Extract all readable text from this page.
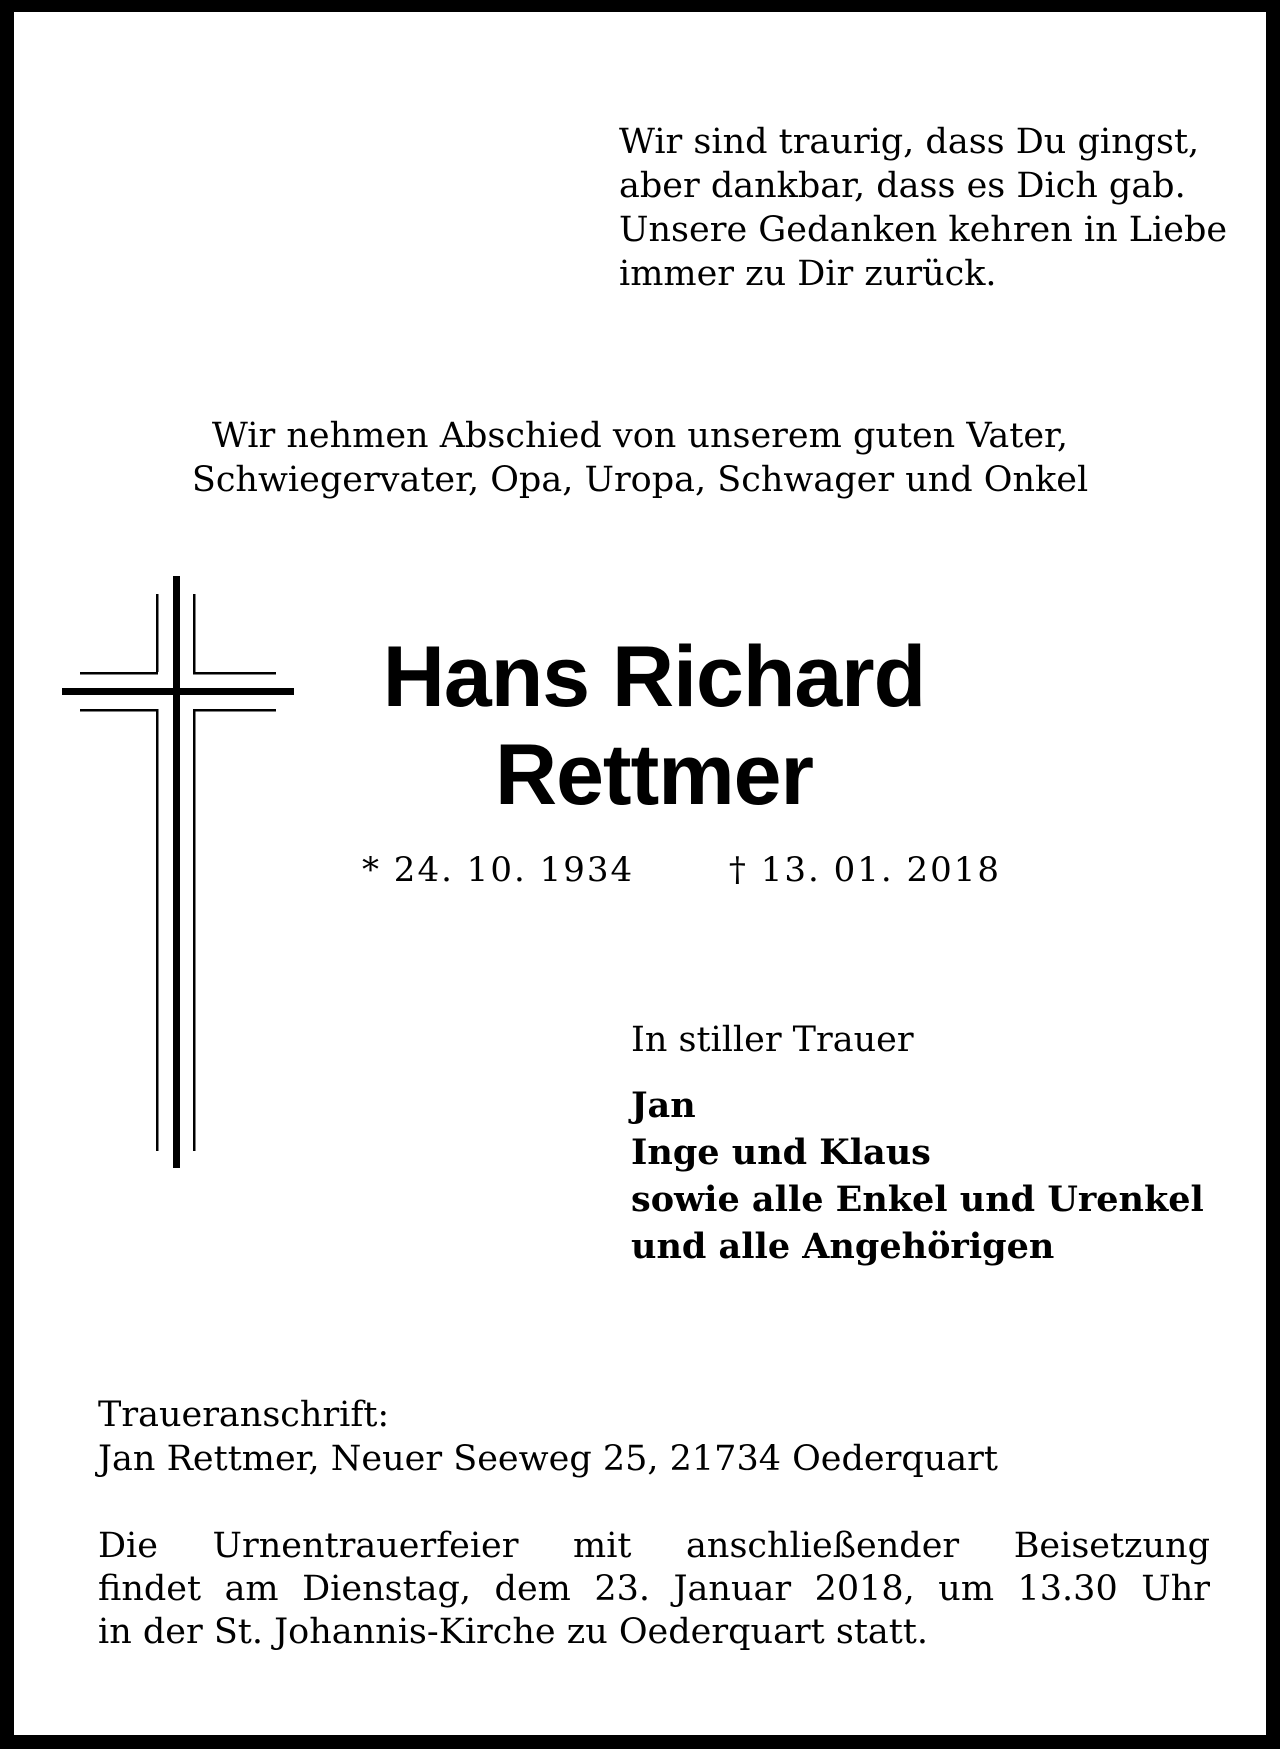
Wir sind traurig, dass Du gingst,
aber dankbar, dass es Dich gab.
Unsere Gedanken kehren in Liebe
immer zu Dir zurück.
Wir nehmen Abschied von unserem guten Vater,
Schwiegervater, Opa, Uropa, Schwager und Onkel
Hans Richard
Rettmer
* 24. 10. 1934	† 13. 01. 2018
In stiller Trauer
Jan
Inge und Klaus
sowie alle Enkel und Urenkel
und alle Angehörigen
Traueranschrift:
Jan Rettmer, Neuer Seeweg 25, 21734 Oederquart
Die Urnentrauerfeier mit anschließender Beisetzung
findet am Dienstag, dem 23. Januar 2018, um 13.30 Uhr
in der St. Johannis-Kirche zu Oederquart statt.
